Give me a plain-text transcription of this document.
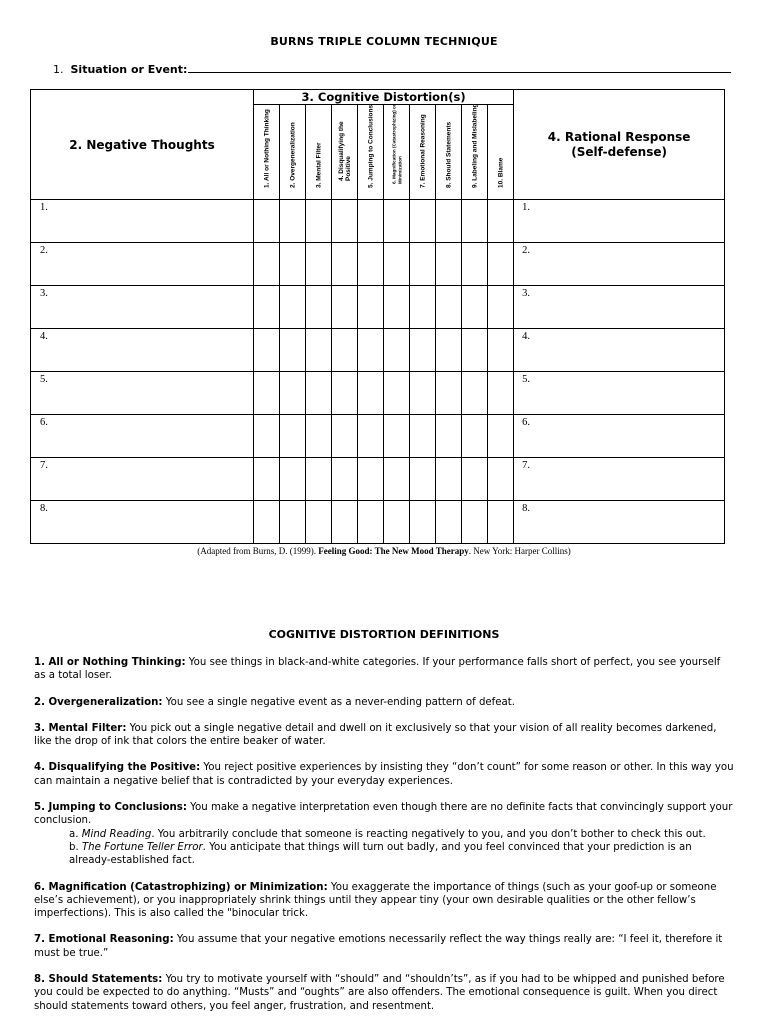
BURNS TRIPLE COLUMN TECHNIQUE
1. Situation or Event:
2. Negative Thoughts	3. Cognitive Distortion(s)										4. Rational Response
(Self-defense)

	1. All or Nothing Thinking	2. Overgeneralization	3. Mental Filter	4. Disqualifying the Positive	5. Jumping to Conclusions	6. Magnification (Catastrophizing) or Minimization	7. Emotional Reasoning	8. Should Statements	9. Labeling and Mislabeling	10. Blame	

1.											1.
2.											2.
3.											3.
4.											4.
5.											5.
6.											6.
7.											7.
8.											8.
(Adapted from Burns, D. (1999). Feeling Good: The New Mood Therapy. New York: Harper Collins)
COGNITIVE DISTORTION DEFINITIONS
1. All or Nothing Thinking: You see things in black-and-white categories. If your performance falls short of perfect, you see yourself as a total loser.
2. Overgeneralization: You see a single negative event as a never-ending pattern of defeat.
3. Mental Filter: You pick out a single negative detail and dwell on it exclusively so that your vision of all reality becomes darkened, like the drop of ink that colors the entire beaker of water.
4. Disqualifying the Positive: You reject positive experiences by insisting they “don’t count” for some reason or other. In this way you can maintain a negative belief that is contradicted by your everyday experiences.
5. Jumping to Conclusions: You make a negative interpretation even though there are no definite facts that convincingly support your conclusion.
a. Mind Reading. You arbitrarily conclude that someone is reacting negatively to you, and you don’t bother to check this out.
b. The Fortune Teller Error. You anticipate that things will turn out badly, and you feel convinced that your prediction is an already-established fact.
6. Magnification (Catastrophizing) or Minimization: You exaggerate the importance of things (such as your goof-up or someone else’s achievement), or you inappropriately shrink things until they appear tiny (your own desirable qualities or the other fellow’s imperfections). This is also called the "binocular trick.
7. Emotional Reasoning: You assume that your negative emotions necessarily reflect the way things really are: “I feel it, therefore it must be true.”
8. Should Statements: You try to motivate yourself with “should” and “shouldn’ts”, as if you had to be whipped and punished before you could be expected to do anything. “Musts” and “oughts” are also offenders. The emotional consequence is guilt. When you direct should statements toward others, you feel anger, frustration, and resentment.
